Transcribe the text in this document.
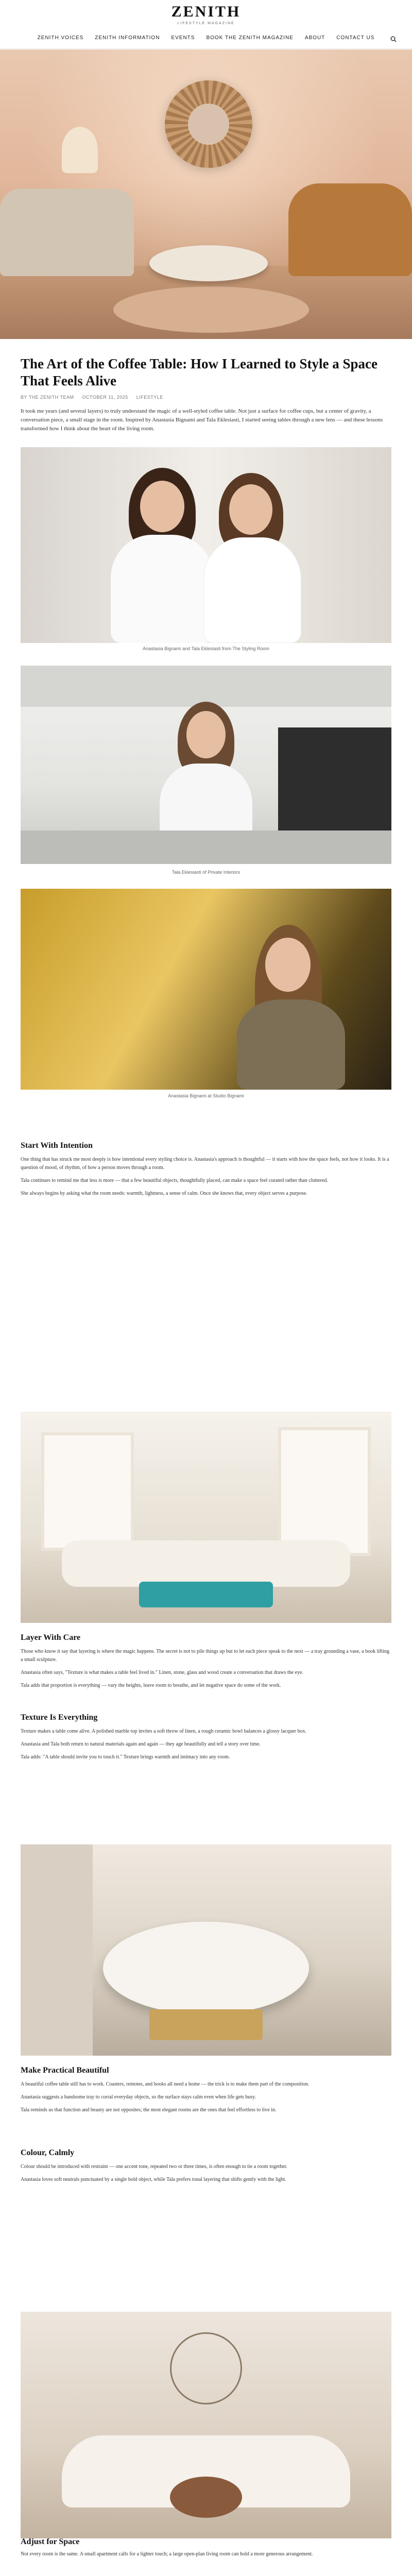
ZENITH
LIFESTYLE MAGAZINE
ZENITH VOICES ZENITH INFORMATION EVENTS BOOK THE ZENITH MAGAZINE ABOUT CONTACT US
The Art of the Coffee Table: How I Learned to Style a Space That Feels Alive
BY THE ZENITH TEAM OCTOBER 11, 2025 LIFESTYLE

It took me years (and several layers) to truly understand the magic of a well-styled coffee table. Not just a surface for coffee cups, but a center of gravity, a conversation piece, a small stage in the room. Inspired by Anastasia Bignami and Tala Eklesiasti, I started seeing tables through a new lens — and these lessons transformed how I think about the heart of the living room.

Anastasia Bignami and Tala Eklesiasti from The Styling Room
Tala Eklesiasti of Private Interiors
Anastasia Bignami at Studio Bignami
Start With Intention

One thing that has struck me most deeply is how intentional every styling choice is. Anastasia's approach is thoughtful — it starts with how the space feels, not how it looks. It is a question of mood, of rhythm, of how a person moves through a room.

Tala continues to remind me that less is more — that a few beautiful objects, thoughtfully placed, can make a space feel curated rather than cluttered.

She always begins by asking what the room needs: warmth, lightness, a sense of calm. Once she knows that, every object serves a purpose.

Layer With Care

Those who know it say that layering is where the magic happens. The secret is not to pile things up but to let each piece speak to the next — a tray grounding a vase, a book lifting a small sculpture.

Anastasia often says, "Texture is what makes a table feel lived in." Linen, stone, glass and wood create a conversation that draws the eye.

Tala adds that proportion is everything — vary the heights, leave room to breathe, and let negative space do some of the work.

Texture Is Everything

Texture makes a table come alive. A polished marble top invites a soft throw of linen, a rough ceramic bowl balances a glossy lacquer box.

Anastasia and Tala both return to natural materials again and again — they age beautifully and tell a story over time.

Tala adds: "A table should invite you to touch it." Texture brings warmth and intimacy into any room.

Make Practical Beautiful

A beautiful coffee table still has to work. Coasters, remotes, and books all need a home — the trick is to make them part of the composition.

Anastasia suggests a handsome tray to corral everyday objects, so the surface stays calm even when life gets busy.

Tala reminds us that function and beauty are not opposites; the most elegant rooms are the ones that feel effortless to live in.

Colour, Calmly

Colour should be introduced with restraint — one accent tone, repeated two or three times, is often enough to tie a room together.

Anastasia loves soft neutrals punctuated by a single bold object, while Tala prefers tonal layering that shifts gently with the light.

Adjust for Space

Not every room is the same. A small apartment calls for a lighter touch; a large open-plan living room can hold a more generous arrangement.
